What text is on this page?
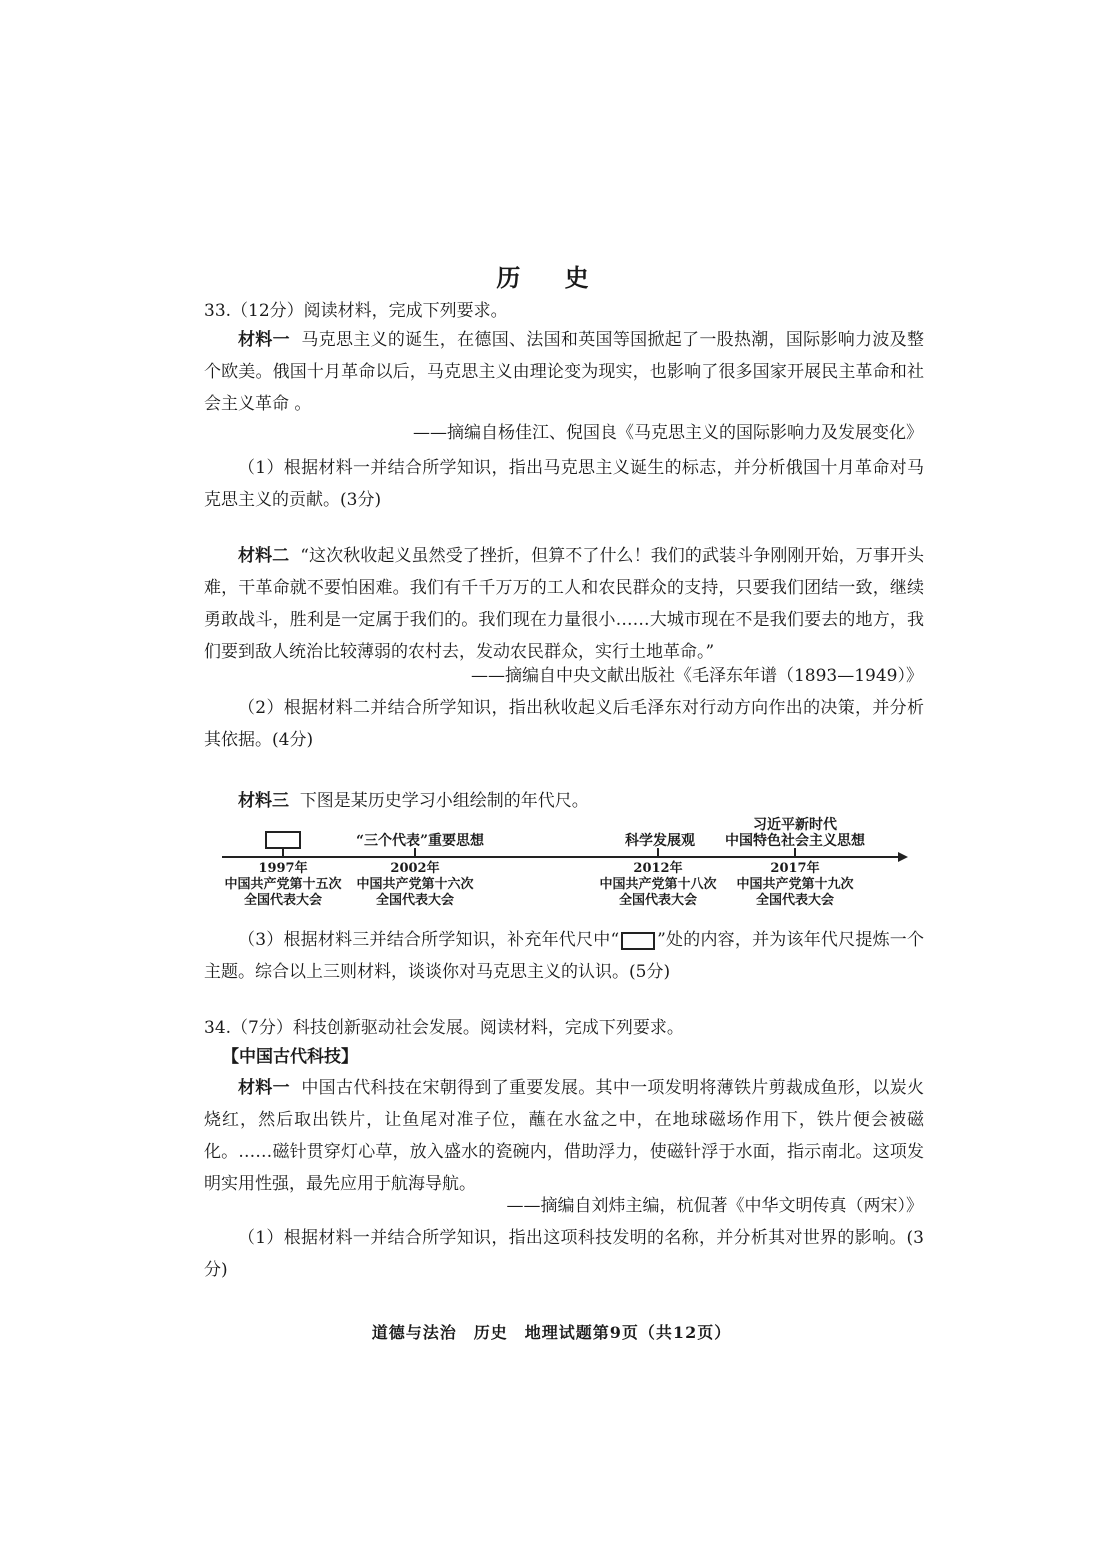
历 史
33.（12分）阅读材料，完成下列要求。
材料一 马克思主义的诞生，在德国、法国和英国等国掀起了一股热潮，国际影响力波及整个欧美。俄国十月革命以后，马克思主义由理论变为现实，也影响了很多国家开展民主革命和社会主义革命 。
——摘编自杨佳江、倪国良《马克思主义的国际影响力及发展变化》
（1）根据材料一并结合所学知识，指出马克思主义诞生的标志，并分析俄国十月革命对马克思主义的贡献。(3分)
材料二 “这次秋收起义虽然受了挫折，但算不了什么！我们的武装斗争刚刚开始，万事开头难，干革命就不要怕困难。我们有千千万万的工人和农民群众的支持，只要我们团结一致，继续勇敢战斗，胜利是一定属于我们的。我们现在力量很小……大城市现在不是我们要去的地方，我们要到敌人统治比较薄弱的农村去，发动农民群众，实行土地革命。”
——摘编自中央文献出版社《毛泽东年谱（1893—1949）》
（2）根据材料二并结合所学知识，指出秋收起义后毛泽东对行动方向作出的决策，并分析其依据。(4分)
材料三 下图是某历史学习小组绘制的年代尺。
“三个代表”重要思想	科学发展观
习近平新时代
中国特色社会主义思想
1997年
中国共产党第十五次
全国代表大会
2002年
中国共产党第十六次
全国代表大会
2012年
中国共产党第十八次
全国代表大会
2017年
中国共产党第十九次
全国代表大会
（3）根据材料三并结合所学知识，补充年代尺中“ ”处的内容，并为该年代尺提炼一个主题。综合以上三则材料，谈谈你对马克思主义的认识。(5分)
34.（7分）科技创新驱动社会发展。阅读材料，完成下列要求。
【中国古代科技】
材料一 中国古代科技在宋朝得到了重要发展。其中一项发明将薄铁片剪裁成鱼形，以炭火烧红，然后取出铁片，让鱼尾对准子位，蘸在水盆之中，在地球磁场作用下，铁片便会被磁化。……磁针贯穿灯心草，放入盛水的瓷碗内，借助浮力，使磁针浮于水面，指示南北。这项发明实用性强，最先应用于航海导航。
——摘编自刘炜主编，杭侃著《中华文明传真（两宋）》
（1）根据材料一并结合所学知识，指出这项科技发明的名称，并分析其对世界的影响。(3分)
道德与法治　历史　地理试题第9页（共12页）
